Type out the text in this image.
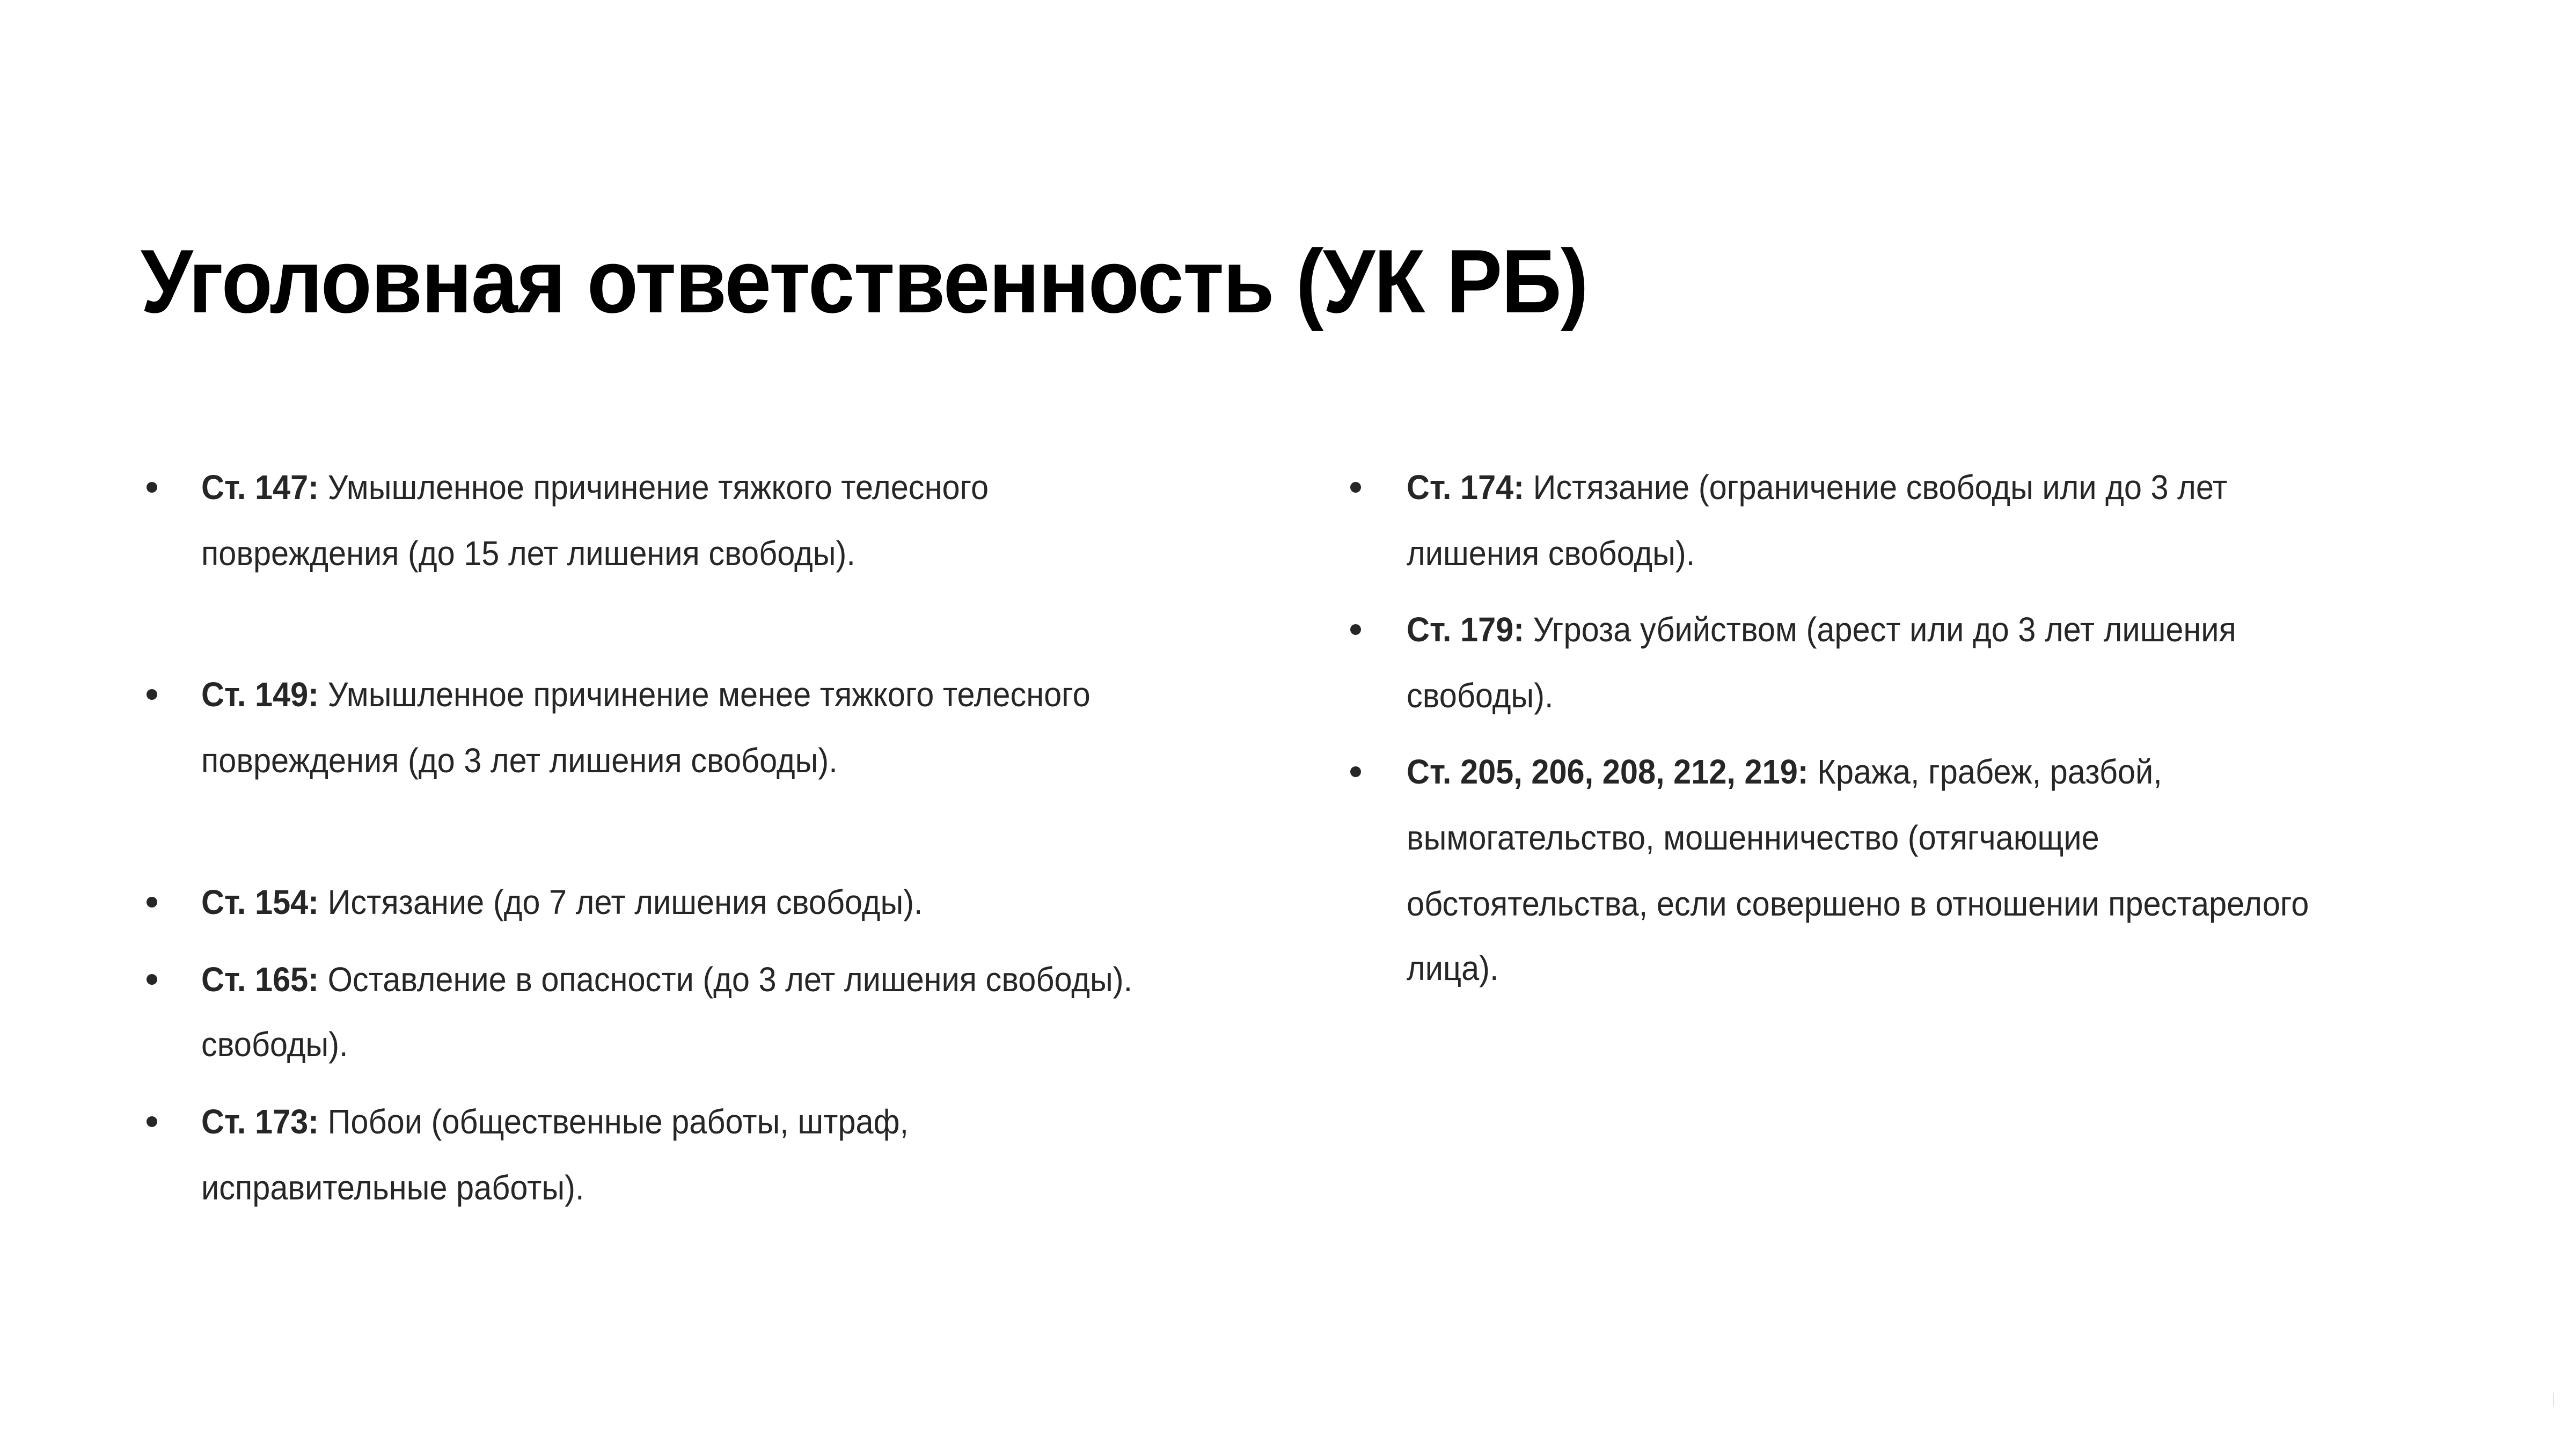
Уголовная ответственность (УК РБ)
Ст. 147: Умышленное причинение тяжкого телесного
повреждения (до 15 лет лишения свободы).
Ст. 149: Умышленное причинение менее тяжкого телесного
повреждения (до 3 лет лишения свободы).
Ст. 154: Истязание (до 7 лет лишения свободы).
Ст. 165: Оставление в опасности (до 3 лет лишения свободы).
свободы).
Ст. 173: Побои (общественные работы, штраф,
исправительные работы).
Ст. 174: Истязание (ограничение свободы или до 3 лет
лишения свободы).
Ст. 179: Угроза убийством (арест или до 3 лет лишения
свободы).
Ст. 205, 206, 208, 212, 219: Кража, грабеж, разбой,
вымогательство, мошенничество (отягчающие
обстоятельства, если совершено в отношении престарелого
лица).
